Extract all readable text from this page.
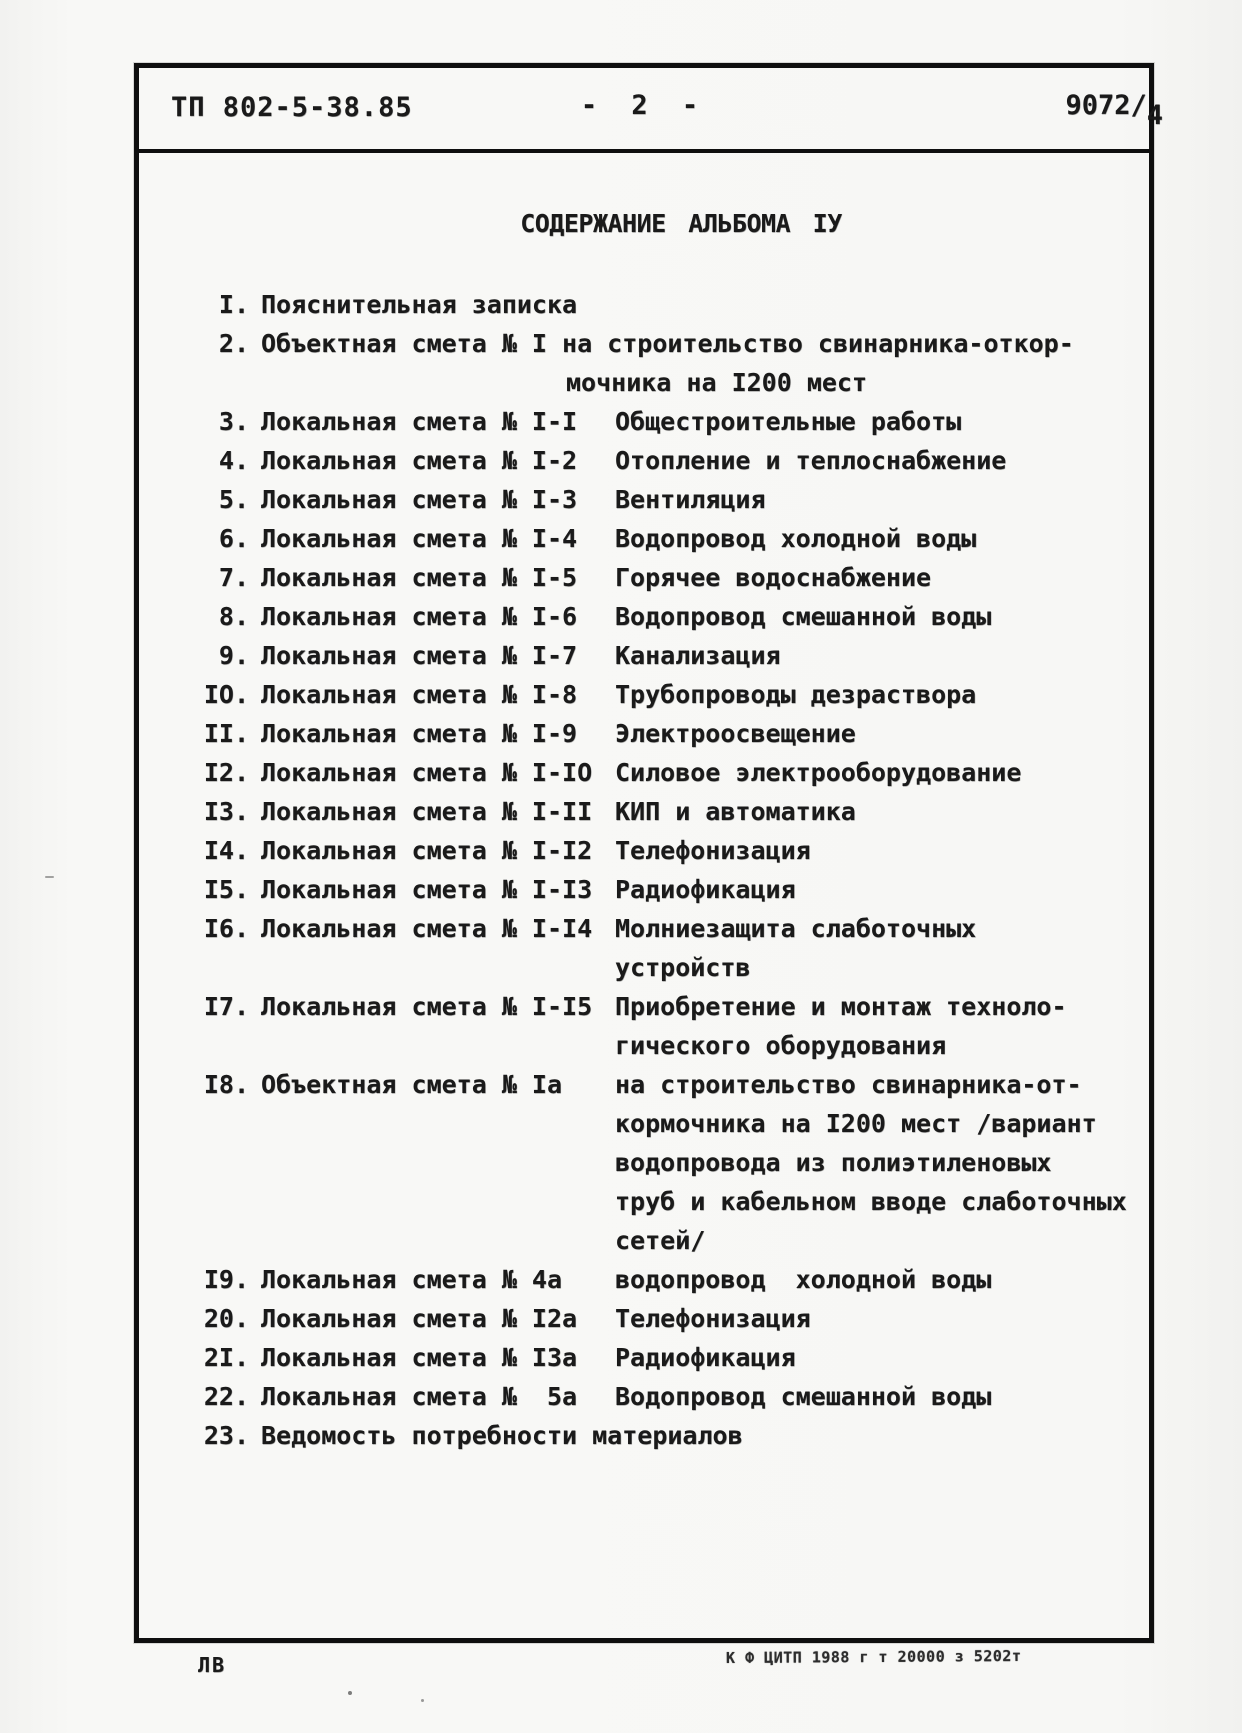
ТП 802-5-38.85	- 2 -	9072/4
СОДЕРЖАНИЕ АЛЬБОМА IУ
I. Пояснительная записка
2. Объектная смета № I на строительство свинарника-откор-
мочника на I200 мест
3. Локальная смета № I-I	Общестроительные работы
4. Локальная смета № I-2	Отопление и теплоснабжение
5. Локальная смета № I-3	Вентиляция
6. Локальная смета № I-4	Водопровод холодной воды
7. Локальная смета № I-5	Горячее водоснабжение
8. Локальная смета № I-6	Водопровод смешанной воды
9. Локальная смета № I-7	Канализация
IO. Локальная смета № I-8	Трубопроводы дезраствора
II. Локальная смета № I-9	Электроосвещение
I2. Локальная смета № I-IO Силовое электрооборудование
I3. Локальная смета № I-II КИП и автоматика
I4. Локальная смета № I-I2 Телефонизация
I5. Локальная смета № I-I3 Радиофикация
I6. Локальная смета № I-I4 Молниезащита слаботочных
устройств
I7. Локальная смета № I-I5 Приобретение и монтаж техноло-
гического оборудования
I8. Объектная смета № Iа	на строительство свинарника-от-
кормочника на I200 мест /вариант
водопровода из полиэтиленовых
труб и кабельном вводе слаботочных
сетей/
I9. Локальная смета № 4а	водопровод  холодной воды
20. Локальная смета № I2а	Телефонизация
2I. Локальная смета № I3а	Радиофикация
22. Локальная смета №  5а	Водопровод смешанной воды
23. Ведомость потребности материалов
ЛВ	К Ф ЦИТП 1988 г т 20000 з 5202т
